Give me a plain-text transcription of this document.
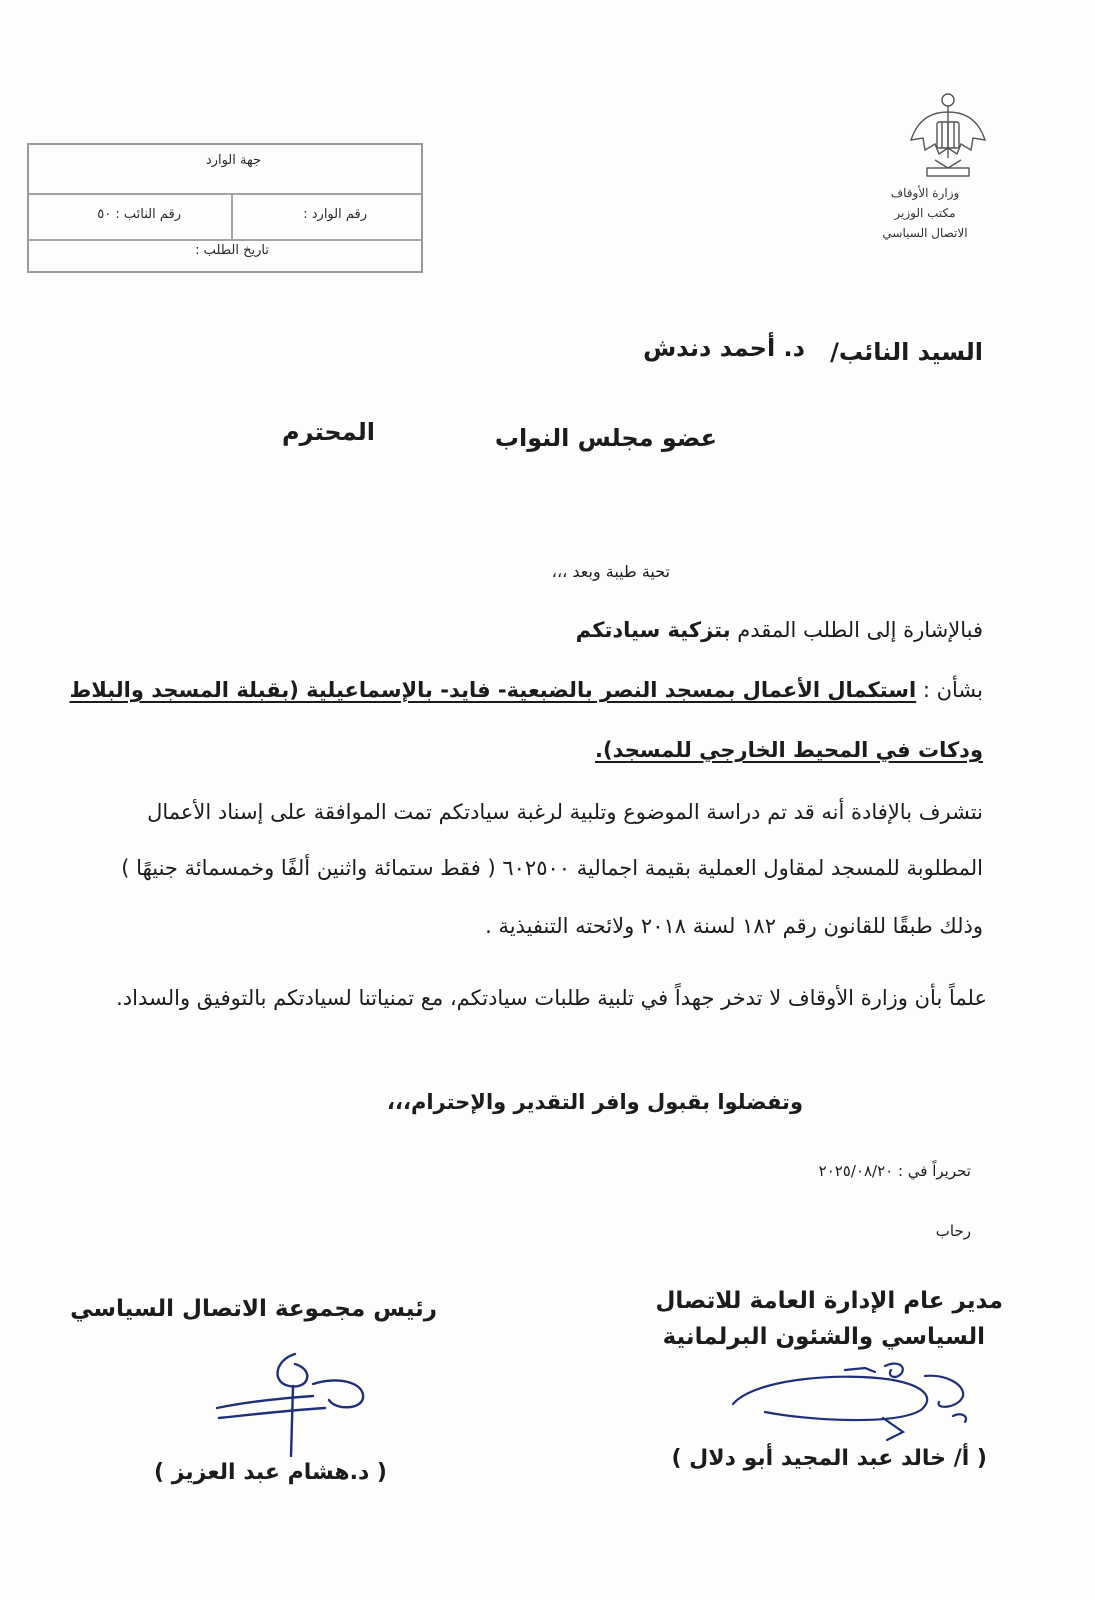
وزارة الأوقاف
مكتب الوزير
الاتصال السياسي
جهة الوارد
رقم الوارد :
رقم النائب : ٥٠
تاريخ الطلب :
السيد النائب/
د. أحمد دندش
عضو مجلس النواب
المحترم
تحية طيبة وبعد ،،،
فبالإشارة إلى الطلب المقدم بتزكية سيادتكم
بشأن : استكمال الأعمال بمسجد النصر بالضبعية- فايد- بالإسماعيلية (بقبلة المسجد والبلاط
ودكات في المحيط الخارجي للمسجد).
نتشرف بالإفادة أنه قد تم دراسة الموضوع وتلبية لرغبة سيادتكم تمت الموافقة على إسناد الأعمال
المطلوبة للمسجد لمقاول العملية بقيمة اجمالية ٦٠٢٥٠٠ ( فقط ستمائة واثنين ألفًا وخمسمائة جنيهًا )
وذلك طبقًا للقانون رقم ١٨٢ لسنة ٢٠١٨ ولائحته التنفيذية .
علماً بأن وزارة الأوقاف لا تدخر جهداً في تلبية طلبات سيادتكم، مع تمنياتنا لسيادتكم بالتوفيق والسداد.
وتفضلوا بقبول وافر التقدير والإحترام،،،
تحريراً في : ٢٠٢٥/٠٨/٢٠
رحاب
مدير عام الإدارة العامة للاتصال
السياسي والشئون البرلمانية
( أ/ خالد عبد المجيد أبو دلال )
رئيس مجموعة الاتصال السياسي
( د.هشام عبد العزيز )
